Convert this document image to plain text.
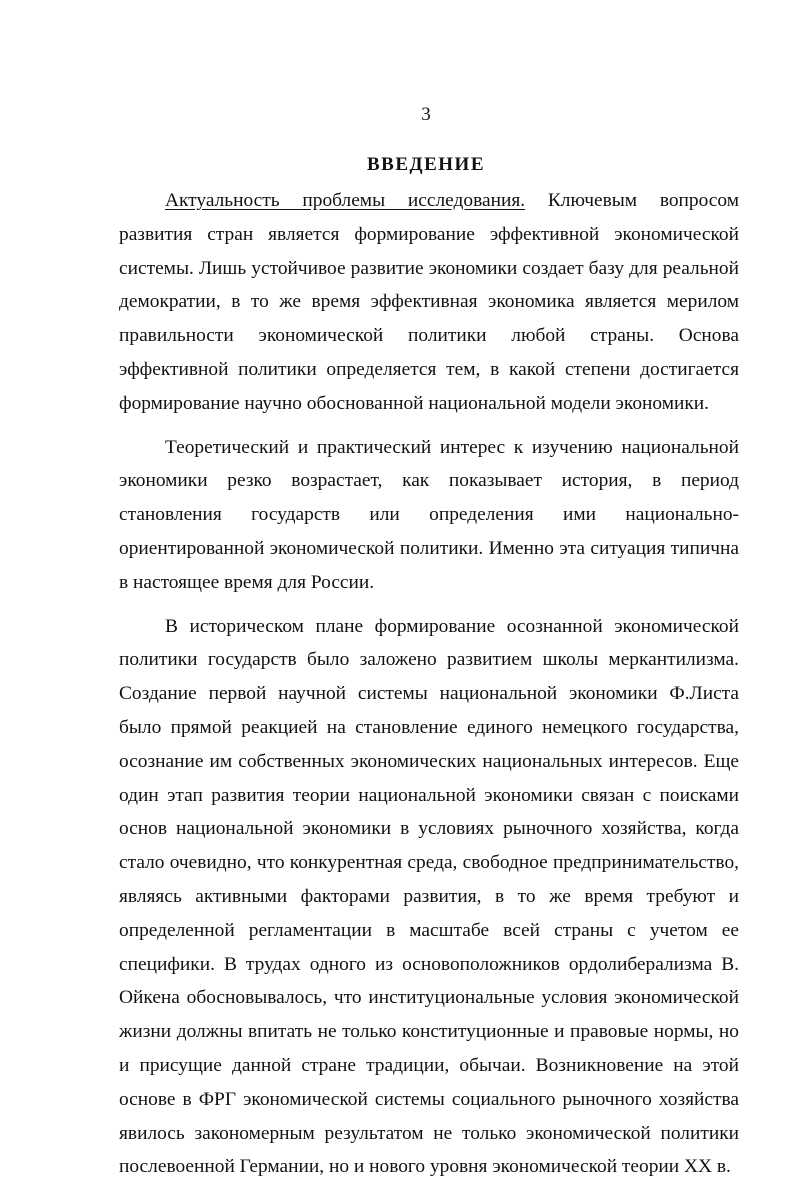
3
ВВЕДЕНИЕ

Актуальность проблемы исследования. Ключевым вопросом развития стран является формирование эффективной экономической системы. Лишь устойчивое развитие экономики создает базу для реальной демократии, в то же время эффективная экономика является мерилом правильности экономической политики любой страны. Основа эффективной политики определяется тем, в какой степени достигается формирование научно обоснованной национальной модели экономики.

Теоретический и практический интерес к изучению национальной экономики резко возрастает, как показывает история, в период становления государств или определения ими национально-ориентированной экономической политики. Именно эта ситуация типична в настоящее время для России.

В историческом плане формирование осознанной экономической политики государств было заложено развитием школы меркантилизма. Создание первой научной системы национальной экономики Ф.Листа было прямой реакцией на становление единого немецкого государства, осознание им собственных экономических национальных интересов. Еще один этап развития теории национальной экономики связан с поисками основ национальной экономики в условиях рыночного хозяйства, когда стало очевидно, что конкурентная среда, свободное предпринимательство, являясь активными факторами развития, в то же время требуют и определенной регламентации в масштабе всей страны с учетом ее специфики. В трудах одного из основоположников ордолиберализма В. Ойкена обосновывалось, что институциональные условия экономической жизни должны впитать не только конституционные и правовые нормы, но и присущие данной стране традиции, обычаи. Возникновение на этой основе в ФРГ экономической системы социального рыночного хозяйства явилось закономерным результатом не только экономической политики послевоенной Германии, но и нового уровня экономической теории XX в.
